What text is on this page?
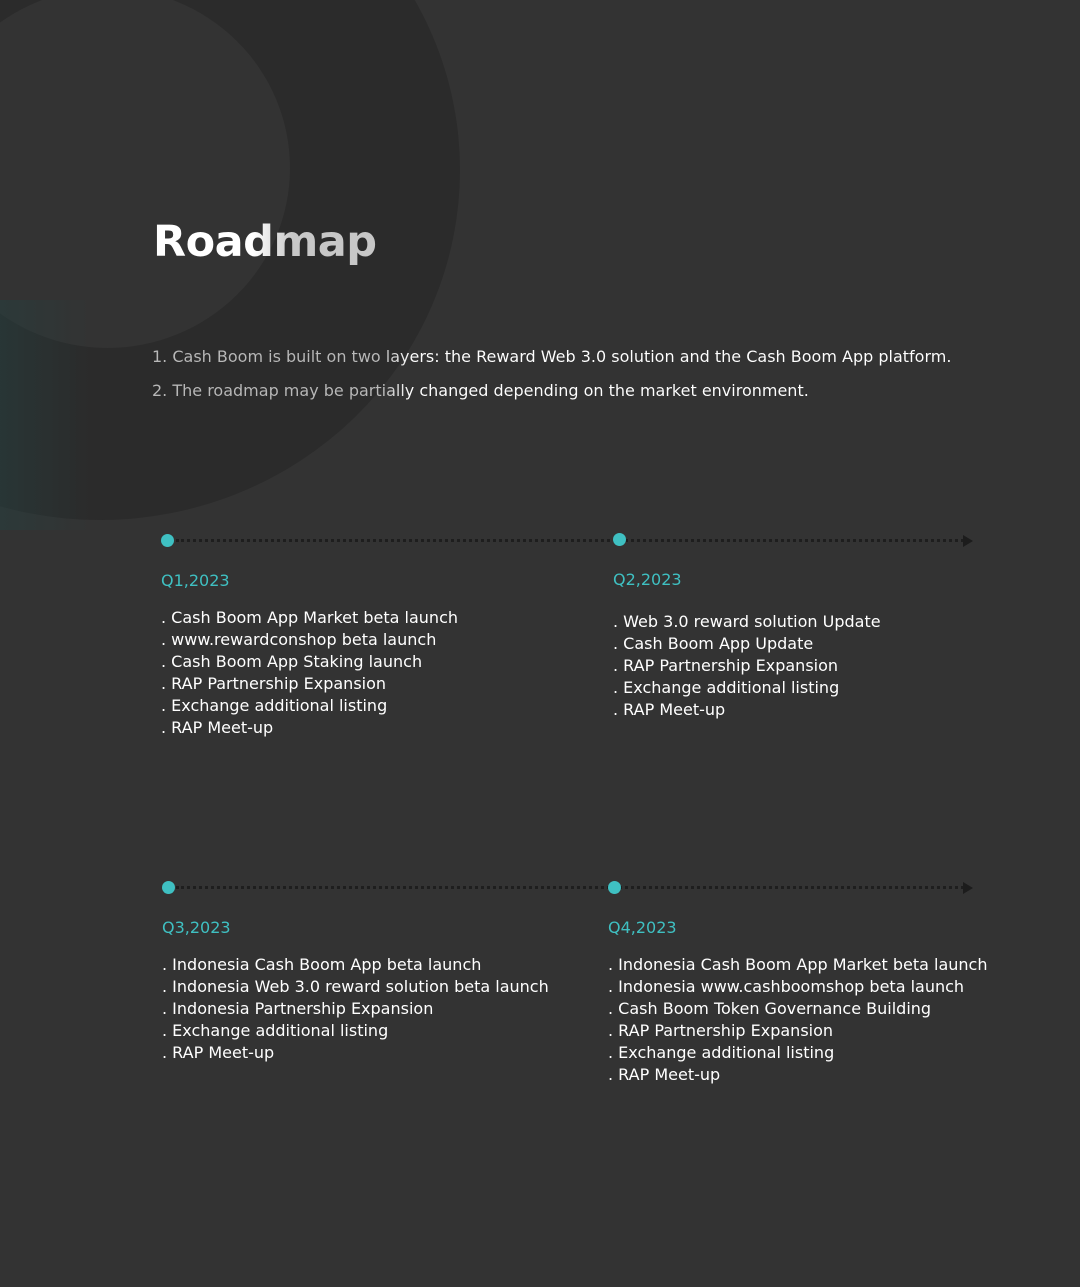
Roadmap
1. Cash Boom is built on two layers: the Reward Web 3.0 solution and the Cash Boom App platform.
2. The roadmap may be partially changed depending on the market environment.
Q1,2023
. Cash Boom App Market beta launch
. www.rewardconshop beta launch
. Cash Boom App Staking launch
. RAP Partnership Expansion
. Exchange additional listing
. RAP Meet-up
Q2,2023
. Web 3.0 reward solution Update
. Cash Boom App Update
. RAP Partnership Expansion
. Exchange additional listing
. RAP Meet-up
Q3,2023
. Indonesia Cash Boom App beta launch
. Indonesia Web 3.0 reward solution beta launch
. Indonesia Partnership Expansion
. Exchange additional listing
. RAP Meet-up
Q4,2023
. Indonesia Cash Boom App Market beta launch
. Indonesia www.cashboomshop beta launch
. Cash Boom Token Governance Building
. RAP Partnership Expansion
. Exchange additional listing
. RAP Meet-up
